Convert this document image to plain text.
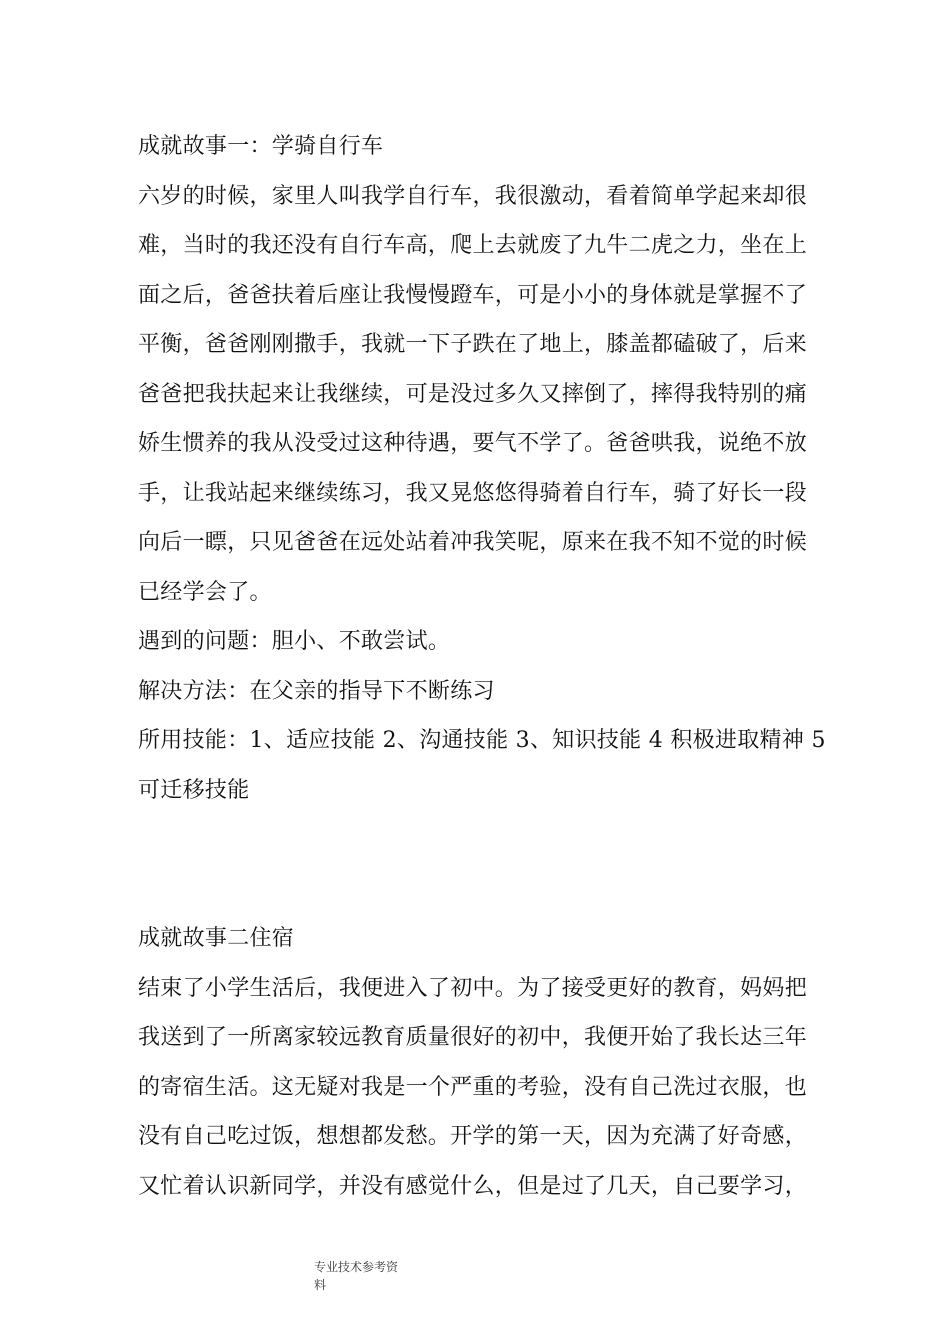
成就故事一：学骑自行车
六岁的时候，家里人叫我学自行车，我很激动，看着简单学起来却很
难，当时的我还没有自行车高，爬上去就废了九牛二虎之力，坐在上
面之后，爸爸扶着后座让我慢慢蹬车，可是小小的身体就是掌握不了
平衡，爸爸刚刚撒手，我就一下子跌在了地上，膝盖都磕破了，后来
爸爸把我扶起来让我继续，可是没过多久又摔倒了，摔得我特别的痛
娇生惯养的我从没受过这种待遇，要气不学了。爸爸哄我，说绝不放
手，让我站起来继续练习，我又晃悠悠得骑着自行车，骑了好长一段
向后一瞟，只见爸爸在远处站着冲我笑呢，原来在我不知不觉的时候
已经学会了。
遇到的问题：胆小、不敢尝试。
解决方法：在父亲的指导下不断练习
所用技能：1、适应技能 2、沟通技能 3、知识技能 4 积极进取精神 5
可迁移技能
成就故事二住宿
结束了小学生活后，我便进入了初中。为了接受更好的教育，妈妈把
我送到了一所离家较远教育质量很好的初中，我便开始了我长达三年
的寄宿生活。这无疑对我是一个严重的考验，没有自己洗过衣服，也
没有自己吃过饭，想想都发愁。开学的第一天，因为充满了好奇感，
又忙着认识新同学，并没有感觉什么，但是过了几天，自己要学习，
专业技术参考资
料
